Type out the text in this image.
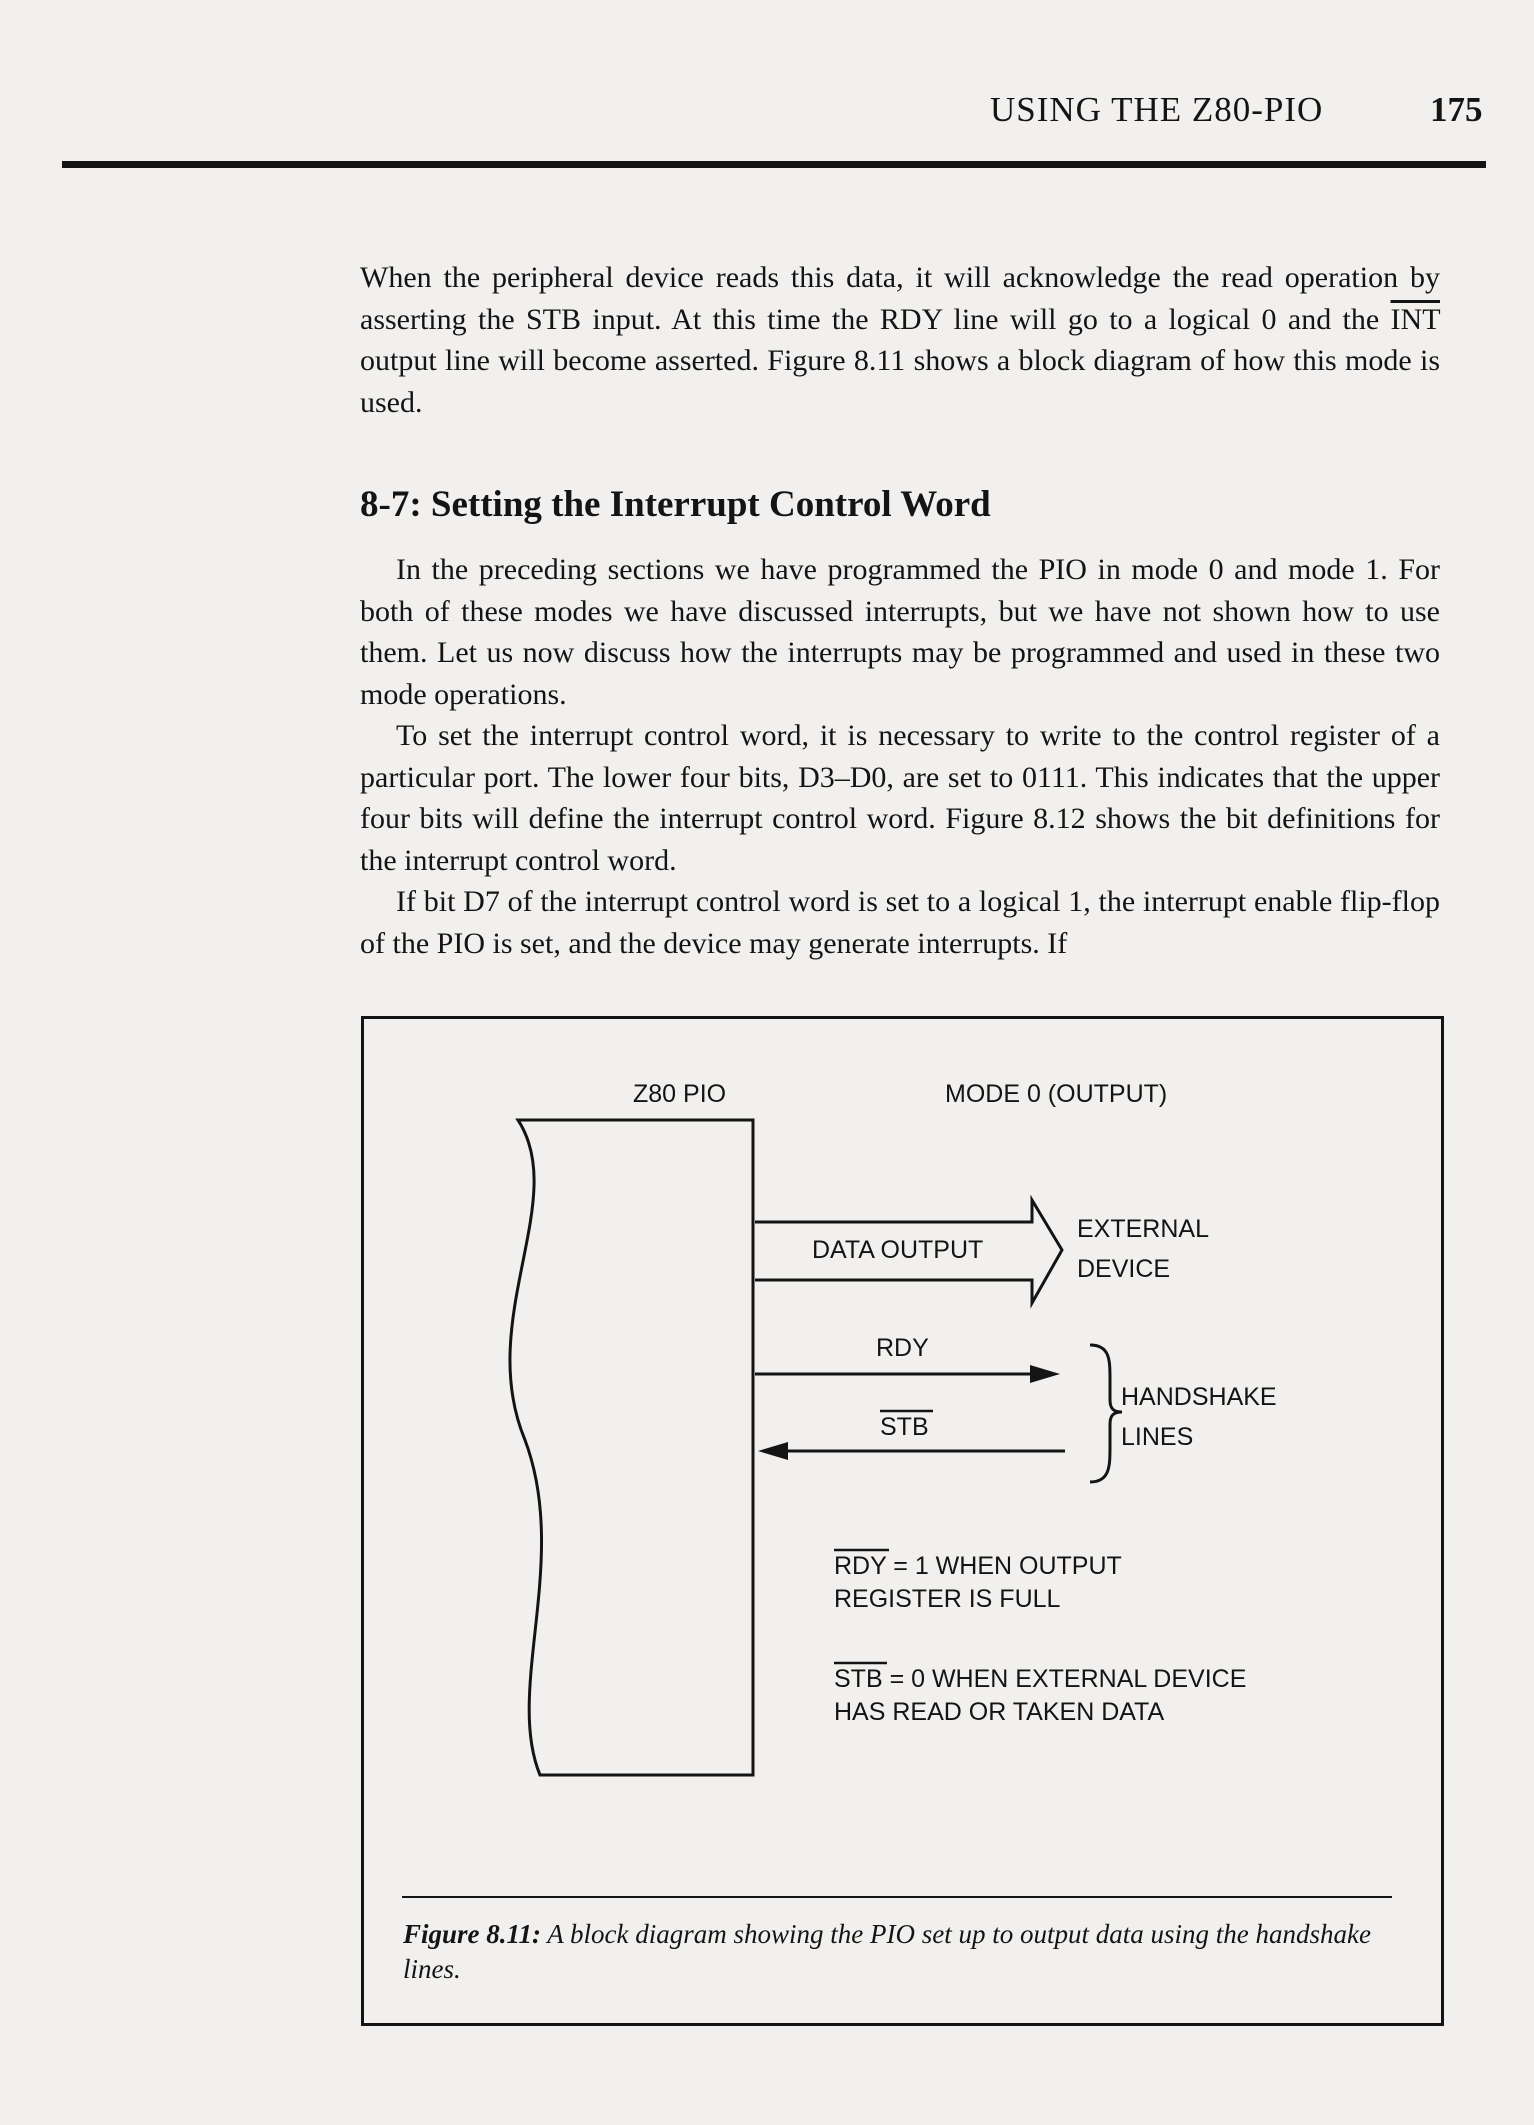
USING THE Z80-PIO	175

When the peripheral device reads this data, it will acknowledge the read operation by asserting the STB input. At this time the RDY line will go to a logical 0 and the $\overline{INT}$ output line will become asserted. Figure 8.11 shows a block diagram of how this mode is used.

8-7: Setting the Interrupt Control Word

In the preceding sections we have programmed the PIO in mode 0 and mode 1. For both of these modes we have discussed interrupts, but we have not shown how to use them. Let us now discuss how the interrupts may be programmed and used in these two mode operations.

To set the interrupt control word, it is necessary to write to the control register of a particular port. The lower four bits, D3–D0, are set to 0111. This indicates that the upper four bits will define the interrupt control word. Figure 8.12 shows the bit definitions for the interrupt control word.

If bit D7 of the interrupt control word is set to a logical 1, the interrupt enable flip-flop of the PIO is set, and the device may generate interrupts. If

Z80 PIO	MODE 0 (OUTPUT)
DATA OUTPUT
EXTERNAL
DEVICE
RDY
STB
HANDSHAKE
LINES
RDY = 1 WHEN OUTPUT
REGISTER IS FULL
STB = 0 WHEN EXTERNAL DEVICE
HAS READ OR TAKEN DATA

Figure 8.11: A block diagram showing the PIO set up to output data using the handshake lines.
